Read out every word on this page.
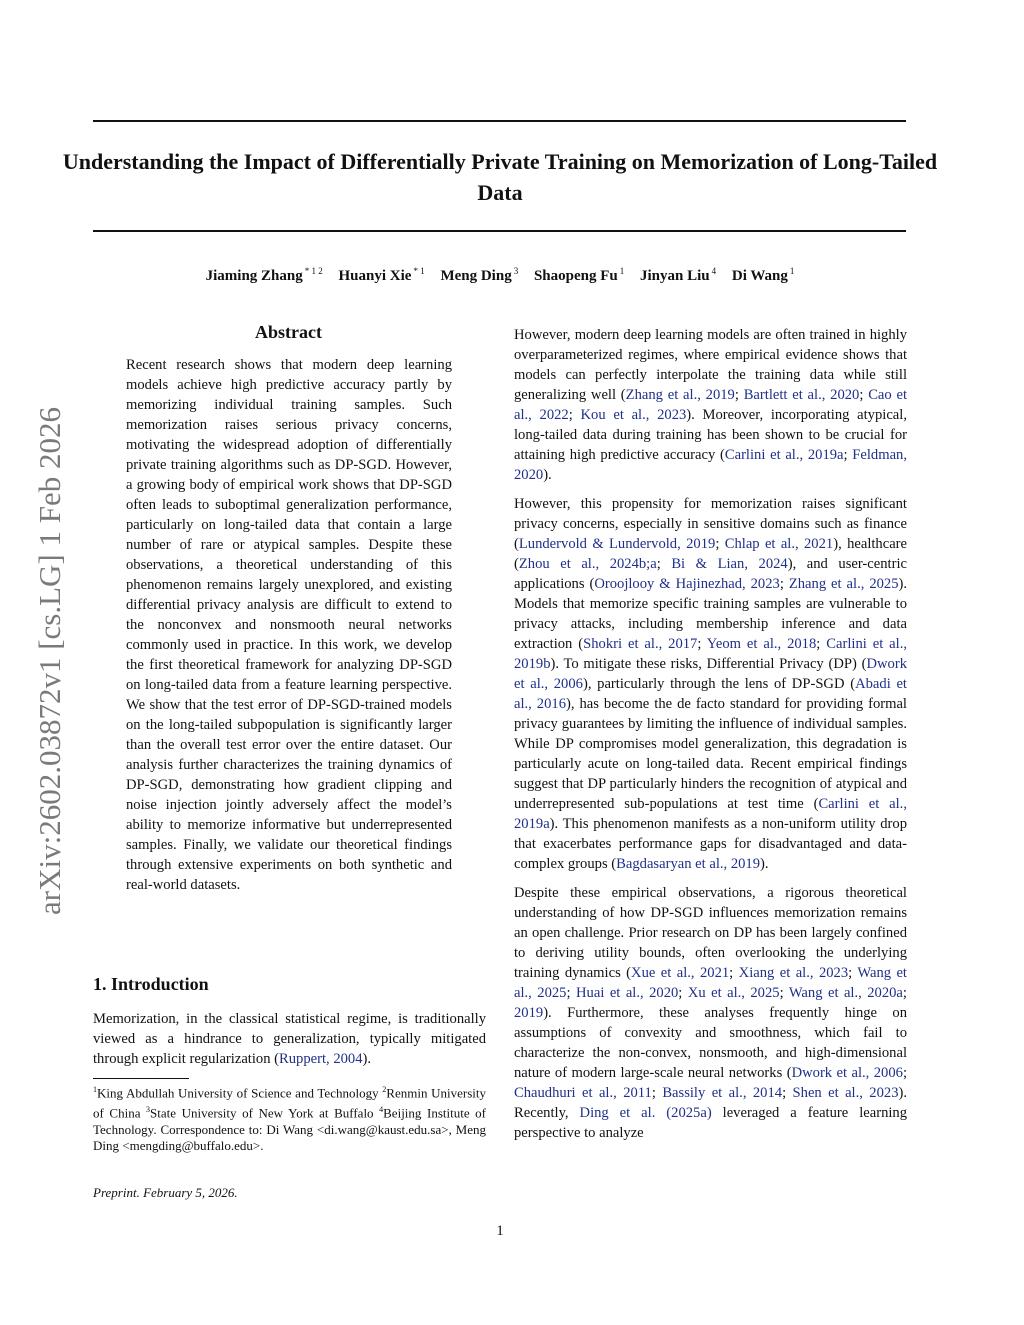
arXiv:2602.03872v1 [cs.LG] 1 Feb 2026
Understanding the Impact of Differentially Private Training on Memorization of Long-Tailed Data
Jiaming Zhang $^{* 1 2}$ Huanyi Xie $^{* 1}$ Meng Ding $^3$ Shaopeng Fu $^1$ Jinyan Liu $^4$ Di Wang $^1$
Abstract
Recent research shows that modern deep learning models achieve high predictive accuracy partly by memorizing individual training samples. Such memorization raises serious privacy concerns, motivating the widespread adoption of differentially private training algorithms such as DP-SGD. However, a growing body of empirical work shows that DP-SGD often leads to suboptimal generalization performance, particularly on long-tailed data that contain a large number of rare or atypical samples. Despite these observations, a theoretical understanding of this phenomenon remains largely unexplored, and existing differential privacy analysis are difficult to extend to the nonconvex and nonsmooth neural networks commonly used in practice. In this work, we develop the first theoretical framework for analyzing DP-SGD on long-tailed data from a feature learning perspective. We show that the test error of DP-SGD-trained models on the long-tailed subpopulation is significantly larger than the overall test error over the entire dataset. Our analysis further characterizes the training dynamics of DP-SGD, demonstrating how gradient clipping and noise injection jointly adversely affect the model’s ability to memorize informative but underrepresented samples. Finally, we validate our theoretical findings through extensive experiments on both synthetic and real-world datasets.
1. Introduction
Memorization, in the classical statistical regime, is traditionally viewed as a hindrance to generalization, typically mitigated through explicit regularization (Ruppert, 2004).
$^1$King Abdullah University of Science and Technology $^2$Renmin University of China $^3$State University of New York at Buffalo $^4$Beijing Institute of Technology. Correspondence to: Di Wang <di.wang@kaust.edu.sa>, Meng Ding <mengding@buffalo.edu>.
Preprint. February 5, 2026.

However, modern deep learning models are often trained in highly overparameterized regimes, where empirical evidence shows that models can perfectly interpolate the training data while still generalizing well (Zhang et al., 2019; Bartlett et al., 2020; Cao et al., 2022; Kou et al., 2023). Moreover, incorporating atypical, long-tailed data during training has been shown to be crucial for attaining high predictive accuracy (Carlini et al., 2019a; Feldman, 2020).

However, this propensity for memorization raises significant privacy concerns, especially in sensitive domains such as finance (Lundervold & Lundervold, 2019; Chlap et al., 2021), healthcare (Zhou et al., 2024b;a; Bi & Lian, 2024), and user-centric applications (Oroojlooy & Hajinezhad, 2023; Zhang et al., 2025). Models that memorize specific training samples are vulnerable to privacy attacks, including membership inference and data extraction (Shokri et al., 2017; Yeom et al., 2018; Carlini et al., 2019b). To mitigate these risks, Differential Privacy (DP) (Dwork et al., 2006), particularly through the lens of DP-SGD (Abadi et al., 2016), has become the de facto standard for providing formal privacy guarantees by limiting the influence of individual samples. While DP compromises model generalization, this degradation is particularly acute on long-tailed data. Recent empirical findings suggest that DP particularly hinders the recognition of atypical and underrepresented sub-populations at test time (Carlini et al., 2019a). This phenomenon manifests as a non-uniform utility drop that exacerbates performance gaps for disadvantaged and data-complex groups (Bagdasaryan et al., 2019).

Despite these empirical observations, a rigorous theoretical understanding of how DP-SGD influences memorization remains an open challenge. Prior research on DP has been largely confined to deriving utility bounds, often overlooking the underlying training dynamics (Xue et al., 2021; Xiang et al., 2023; Wang et al., 2025; Huai et al., 2020; Xu et al., 2025; Wang et al., 2020a; 2019). Furthermore, these analyses frequently hinge on assumptions of convexity and smoothness, which fail to characterize the non-convex, nonsmooth, and high-dimensional nature of modern large-scale neural networks (Dwork et al., 2006; Chaudhuri et al., 2011; Bassily et al., 2014; Shen et al., 2023). Recently, Ding et al. (2025a) leveraged a feature learning perspective to analyze

1
